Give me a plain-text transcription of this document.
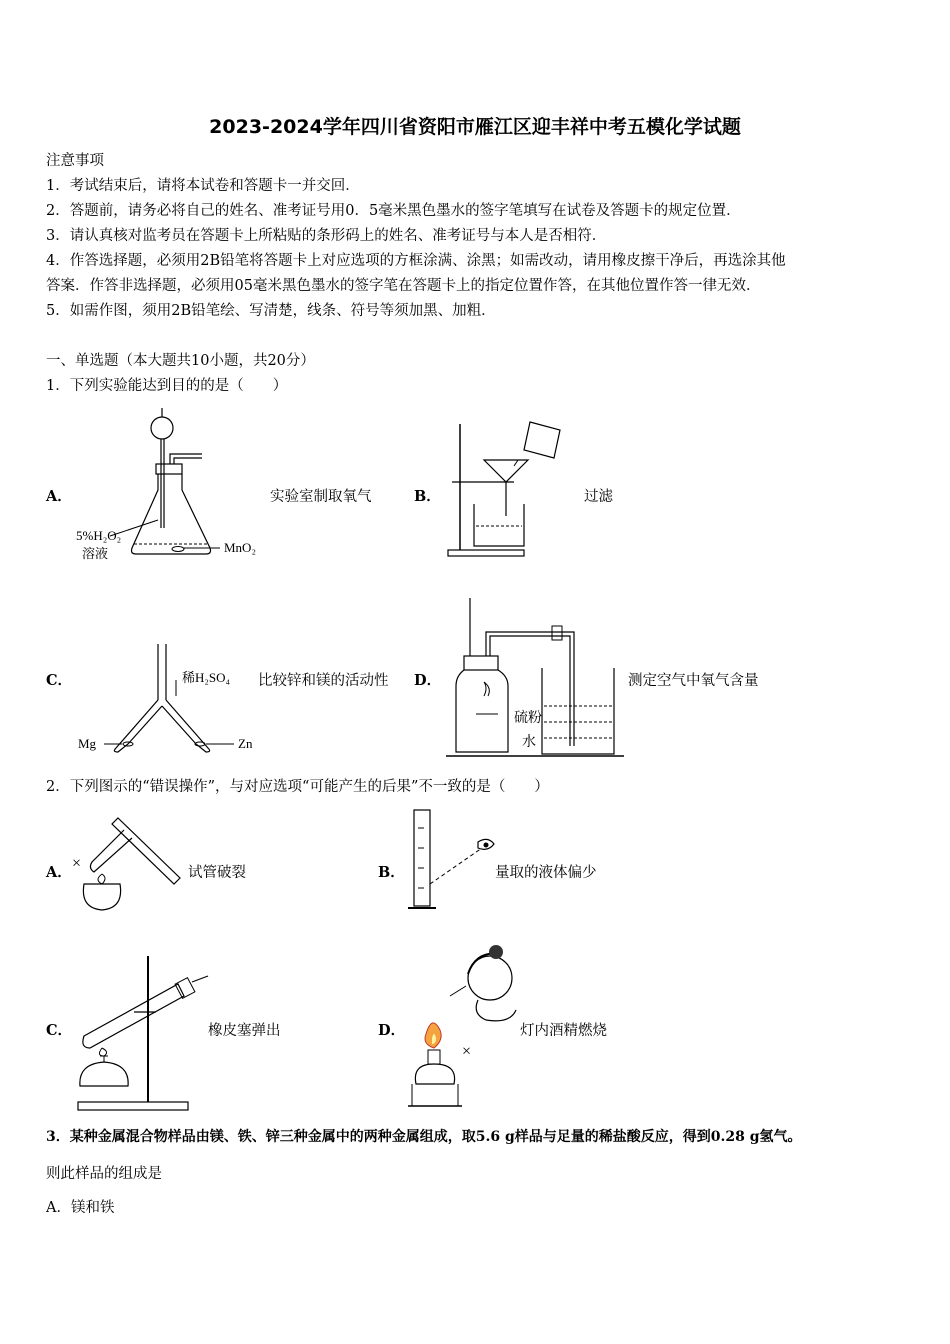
2023-2024学年四川省资阳市雁江区迎丰祥中考五模化学试题
注意事项
1．考试结束后，请将本试卷和答题卡一并交回．
2．答题前，请务必将自己的姓名、准考证号用0．5毫米黑色墨水的签字笔填写在试卷及答题卡的规定位置．
3．请认真核对监考员在答题卡上所粘贴的条形码上的姓名、准考证号与本人是否相符．
4．作答选择题，必须用2B铅笔将答题卡上对应选项的方框涂满、涂黑；如需改动，请用橡皮擦干净后，再选涂其他
答案．作答非选择题，必须用05毫米黑色墨水的签字笔在答题卡上的指定位置作答，在其他位置作答一律无效．
5．如需作图，须用2B铅笔绘、写清楚，线条、符号等须加黑、加粗．
一、单选题（本大题共10小题，共20分）
1．下列实验能达到目的的是（　　）
A．
5%H₂O₂
溶液	MnO₂
实验室制取氧气	B．	过滤
C．	稀H₂SO₄
Mg	Zn
比较锌和镁的活动性 D．
硫粉
水
测定空气中氧气含量
2．下列图示的“错误操作”，与对应选项“可能产生的后果”不一致的是（　　）
A．
×
试管破裂	B．	量取的液体偏少
C．	橡皮塞弹出	D．
×
灯内酒精燃烧
3．某种金属混合物样品由镁、铁、锌三种金属中的两种金属组成，取5.6 g样品与足量的稀盐酸反应，得到0.28 g氢气。
则此样品的组成是
A．镁和铁
